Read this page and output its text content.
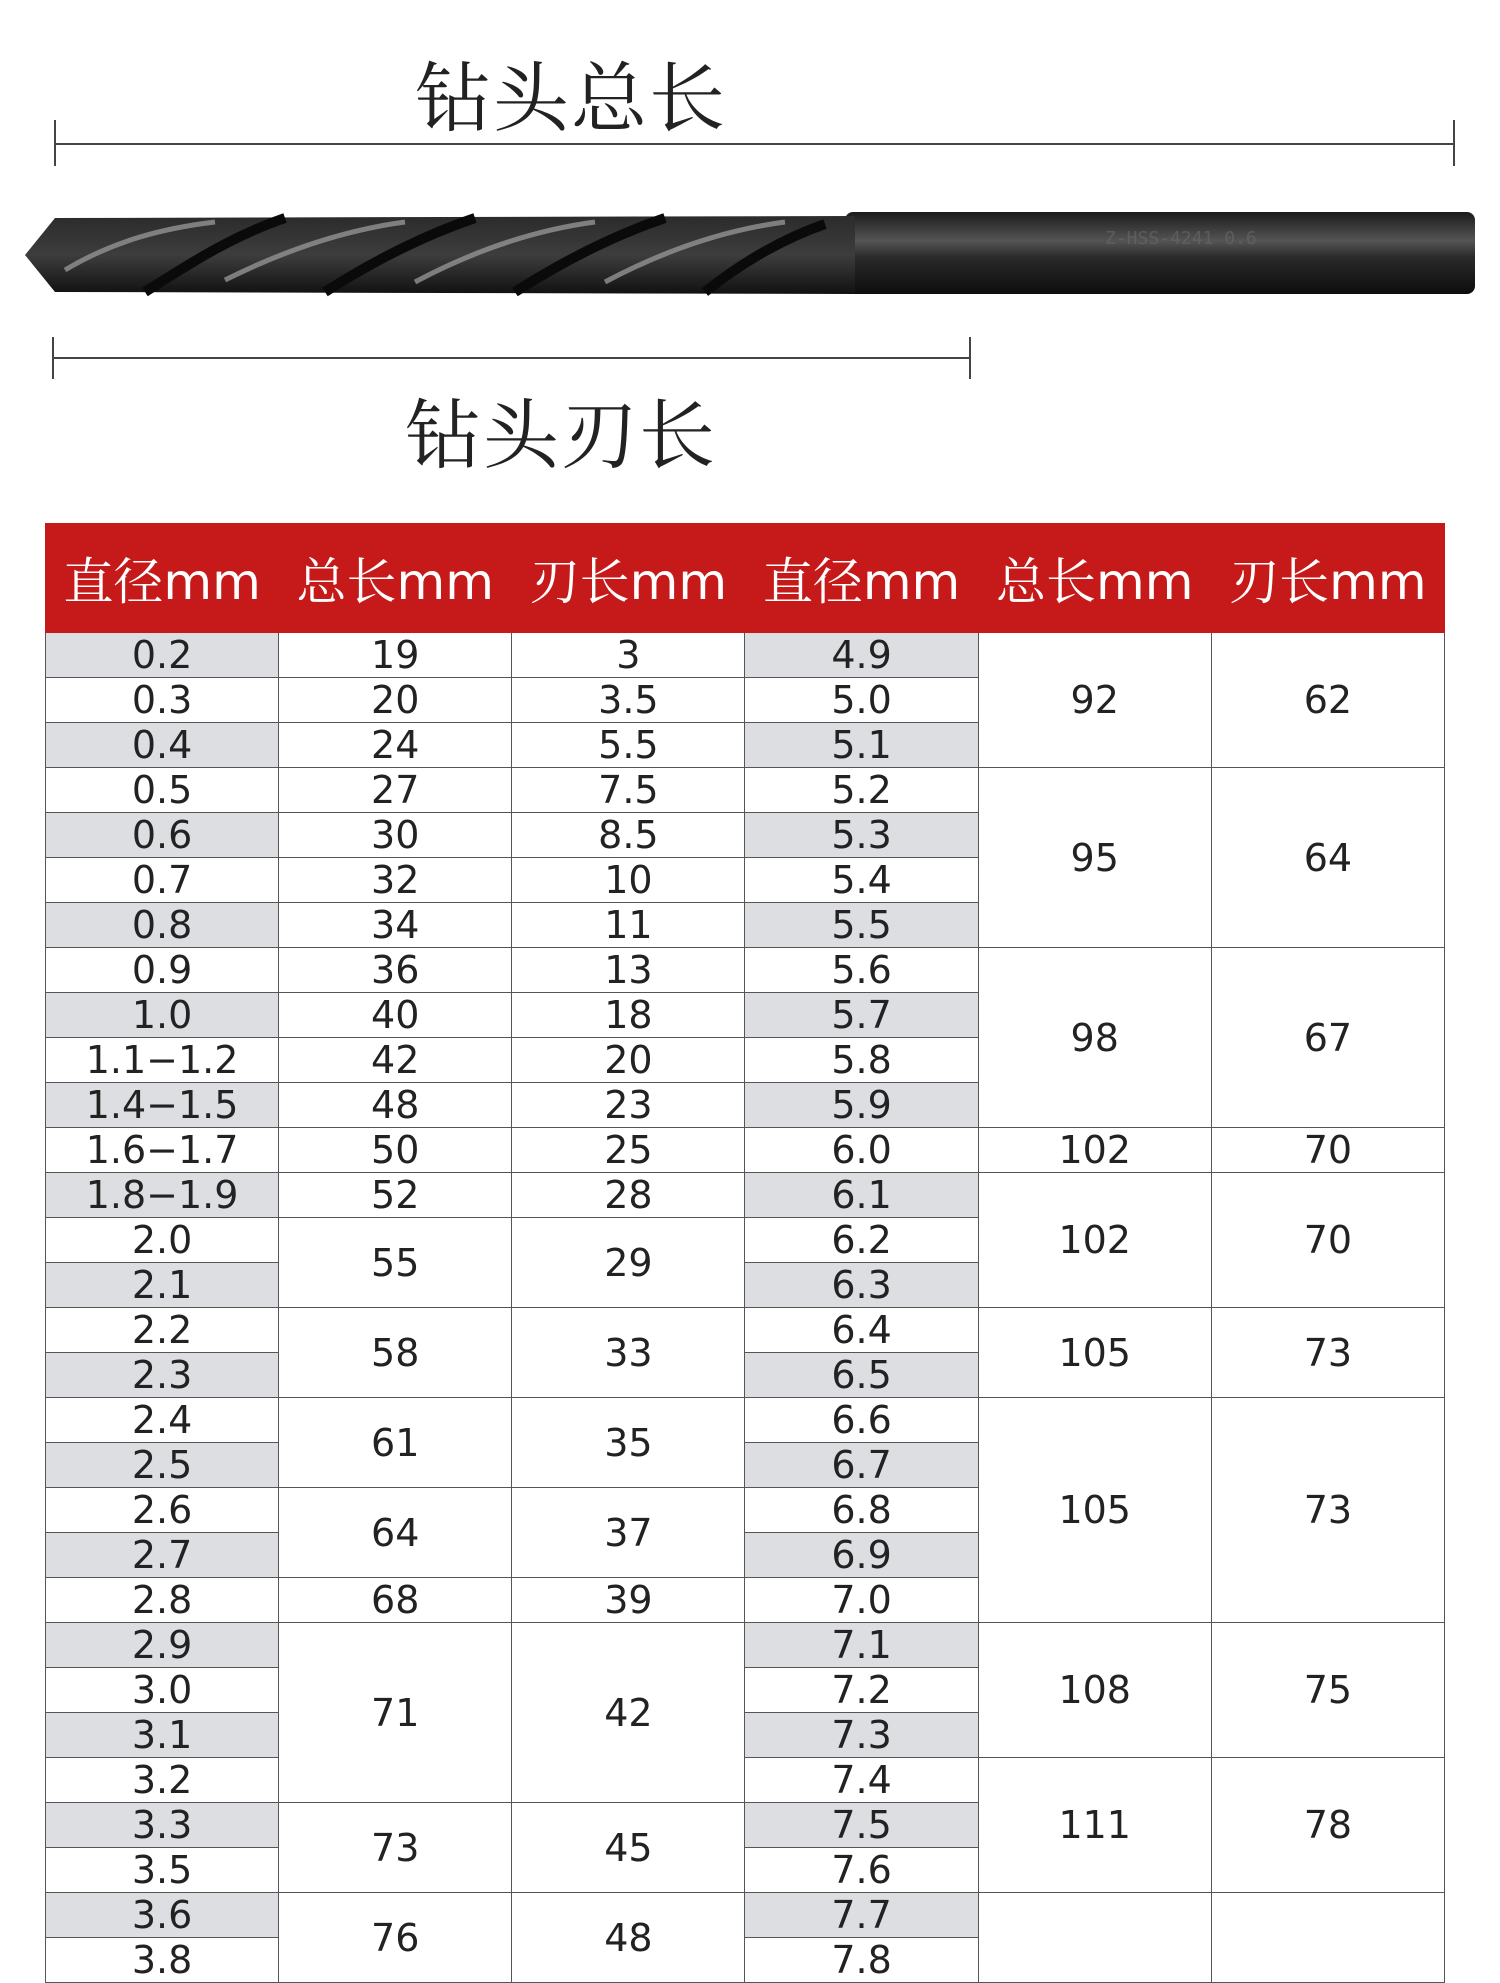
钻头总长
Z-HSS-4241 0.6
钻头刃长
直径mm	总长mm	刃长mm	直径mm	总长mm	刃长mm
0.2	19	3	4.9	92	62
0.3	20	3.5	5.0		
0.4	24	5.5	5.1		
0.5	27	7.5	5.2	95	64
0.6	30	8.5	5.3		
0.7	32	10	5.4		
0.8	34	11	5.5		
0.9	36	13	5.6	98	67
1.0	40	18	5.7		
1.1−1.2	42	20	5.8		
1.4−1.5	48	23	5.9		
1.6−1.7	50	25	6.0	102	70
1.8−1.9	52	28	6.1	102	70
2.0	55	29	6.2		
2.1			6.3		
2.2	58	33	6.4	105	73
2.3			6.5		
2.4	61	35	6.6	105	73
2.5			6.7		
2.6	64	37	6.8		
2.7			6.9		
2.8	68	39	7.0		
2.9	71	42	7.1	108	75
3.0			7.2		
3.1			7.3		
3.2			7.4	111	78
3.3	73	45	7.5		
3.5			7.6		
3.6	76	48	7.7		
3.8			7.8		
